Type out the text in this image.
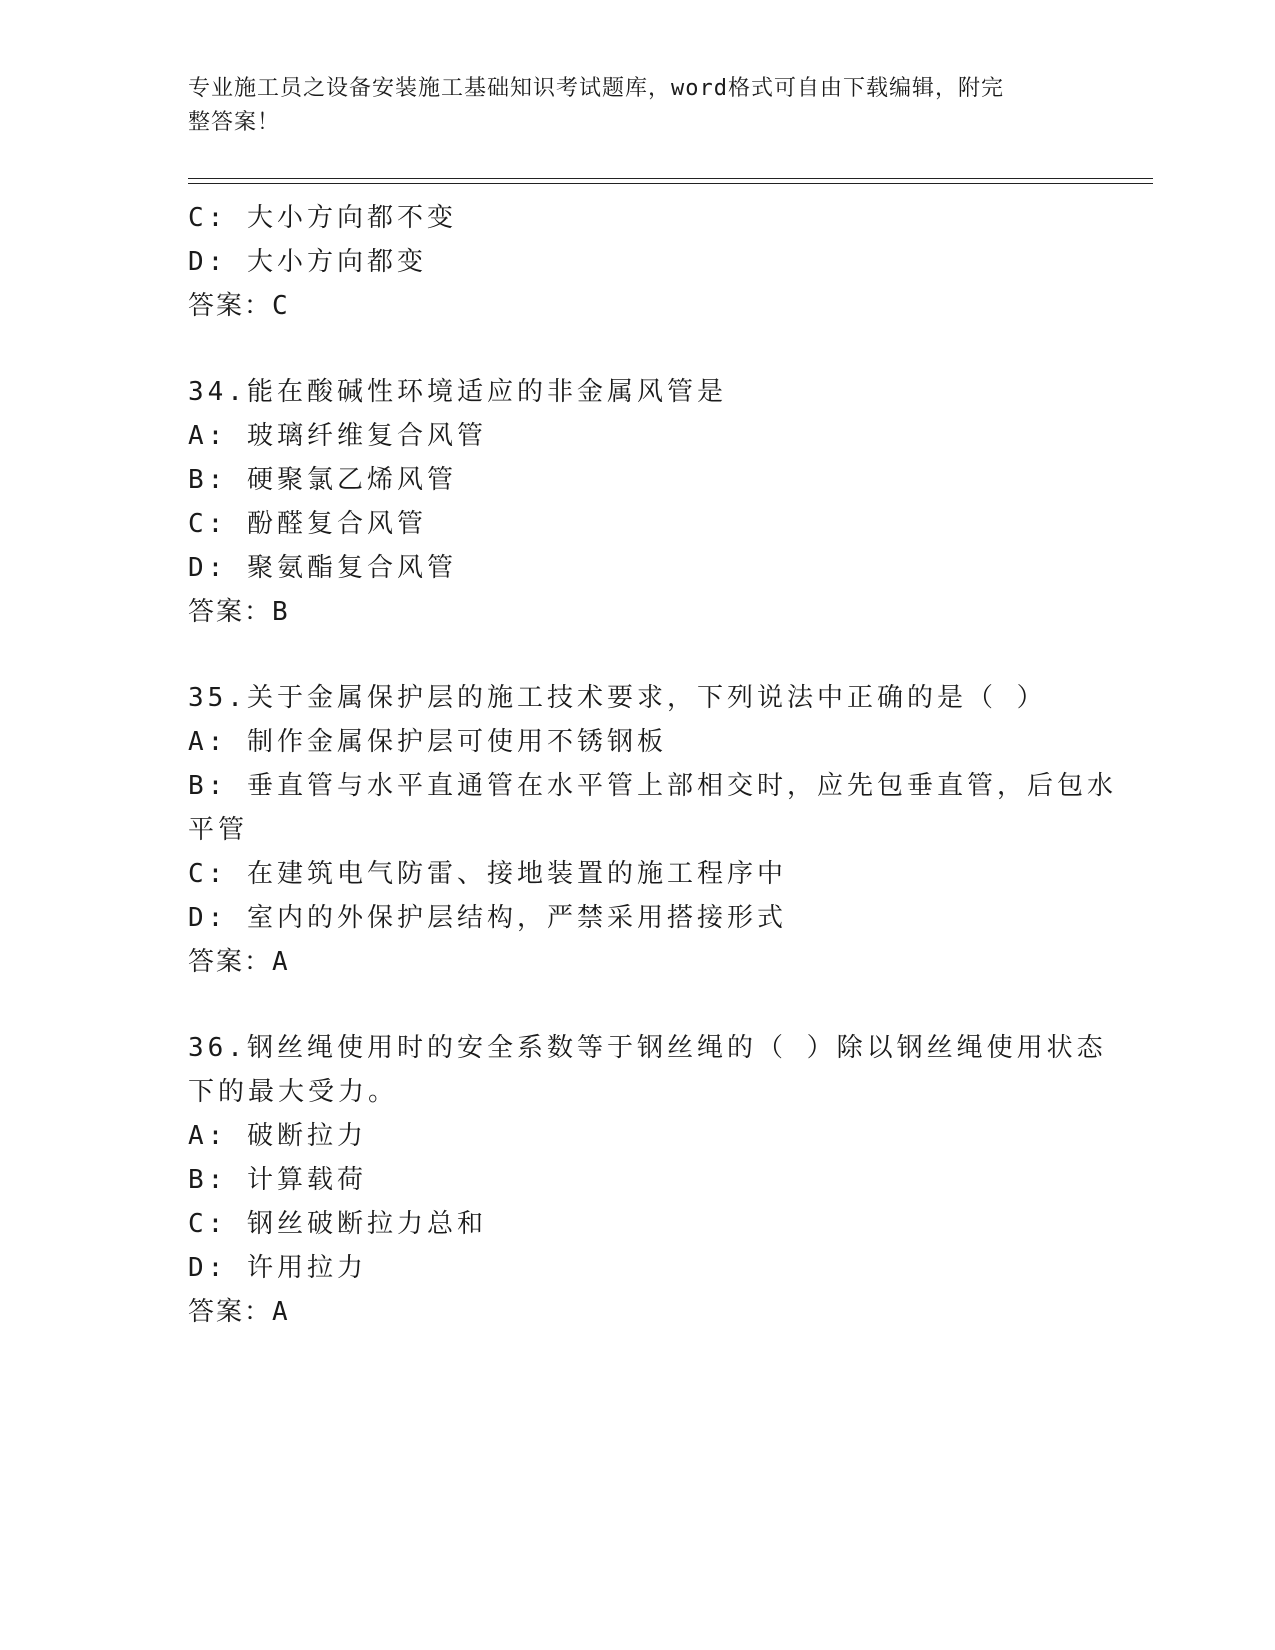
专业施工员之设备安装施工基础知识考试题库，word格式可自由下载编辑，附完
整答案！
C: 大小方向都不变
D: 大小方向都变
答案：C
34.能在酸碱性环境适应的非金属风管是
A: 玻璃纤维复合风管
B: 硬聚氯乙烯风管
C: 酚醛复合风管
D: 聚氨酯复合风管
答案：B
35.关于金属保护层的施工技术要求，下列说法中正确的是（ ）
A: 制作金属保护层可使用不锈钢板
B: 垂直管与水平直通管在水平管上部相交时，应先包垂直管，后包水
平管
C: 在建筑电气防雷、接地装置的施工程序中
D: 室内的外保护层结构，严禁采用搭接形式
答案：A
36.钢丝绳使用时的安全系数等于钢丝绳的（ ）除以钢丝绳使用状态
下的最大受力。
A: 破断拉力
B: 计算载荷
C: 钢丝破断拉力总和
D: 许用拉力
答案：A
